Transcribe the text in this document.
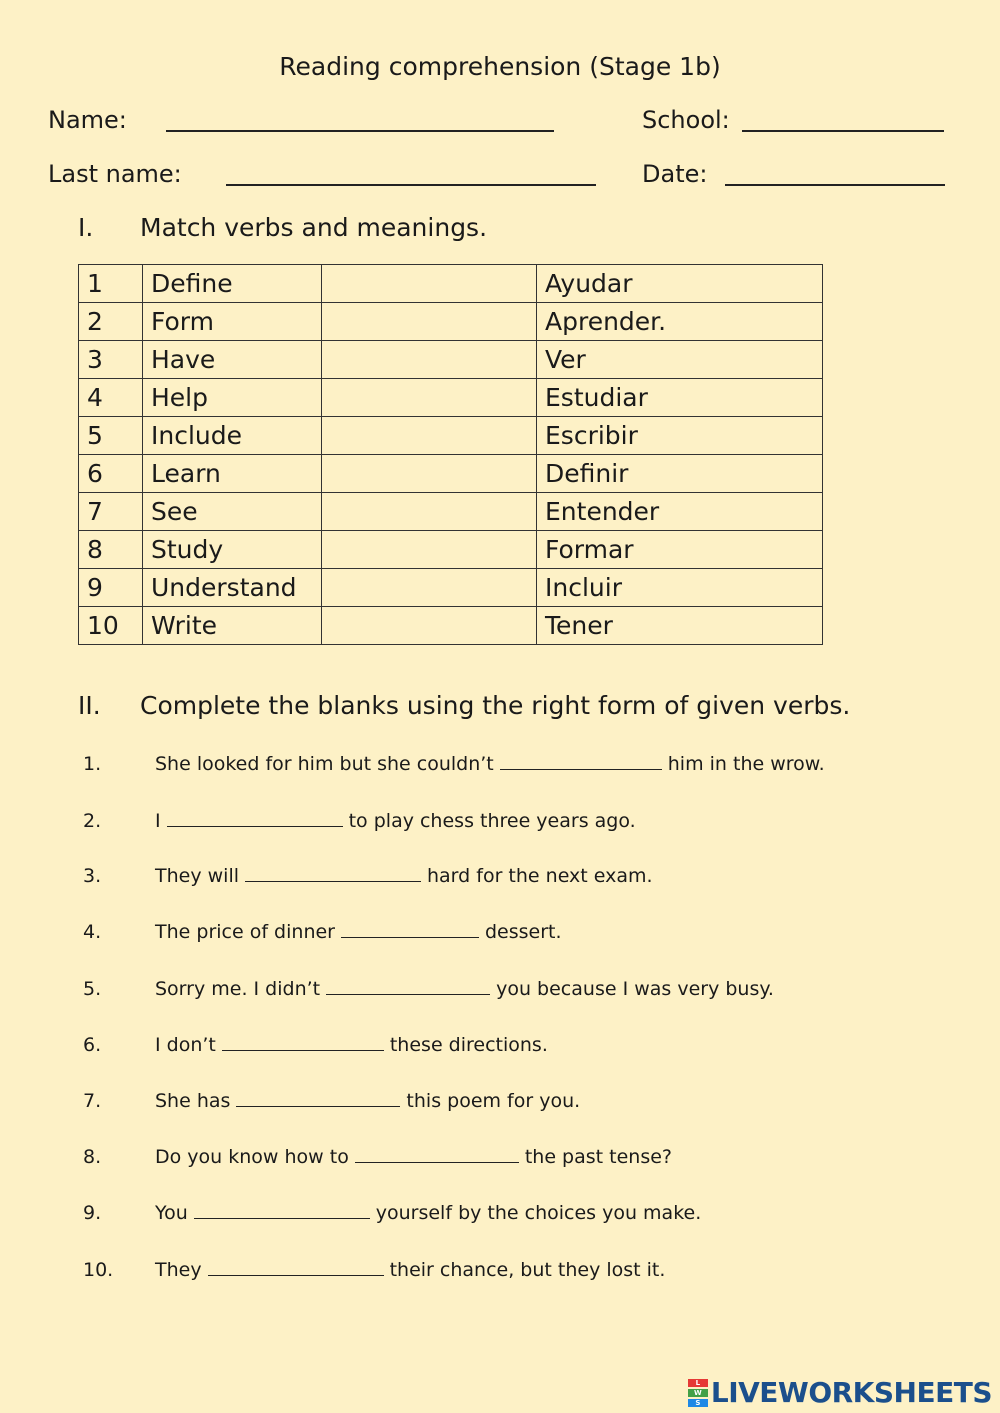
Reading comprehension (Stage 1b)
Name:	School:
Last name:	Date:
I. Match verbs and meanings.
1	Define		Ayudar
2	Form		Aprender.
3	Have		Ver
4	Help		Estudiar
5	Include		Escribir
6	Learn		Definir
7	See		Entender
8	Study		Formar
9	Understand		Incluir
10	Write		Tener
II. Complete the blanks using the right form of given verbs.
1.	She looked for him but she couldn’t	him in the wrow.
2.	I	to play chess three years ago.
3.	They will	hard for the next exam.
4.	The price of dinner	dessert.
5.	Sorry me. I didn’t	you because I was very busy.
6.	I don’t	these directions.
7.	She has	this poem for you.
8.	Do you know how to	the past tense?
9.	You	yourself by the choices you make.
10. They	their chance, but they lost it.
L
W
S LIVEWORKSHEETS
